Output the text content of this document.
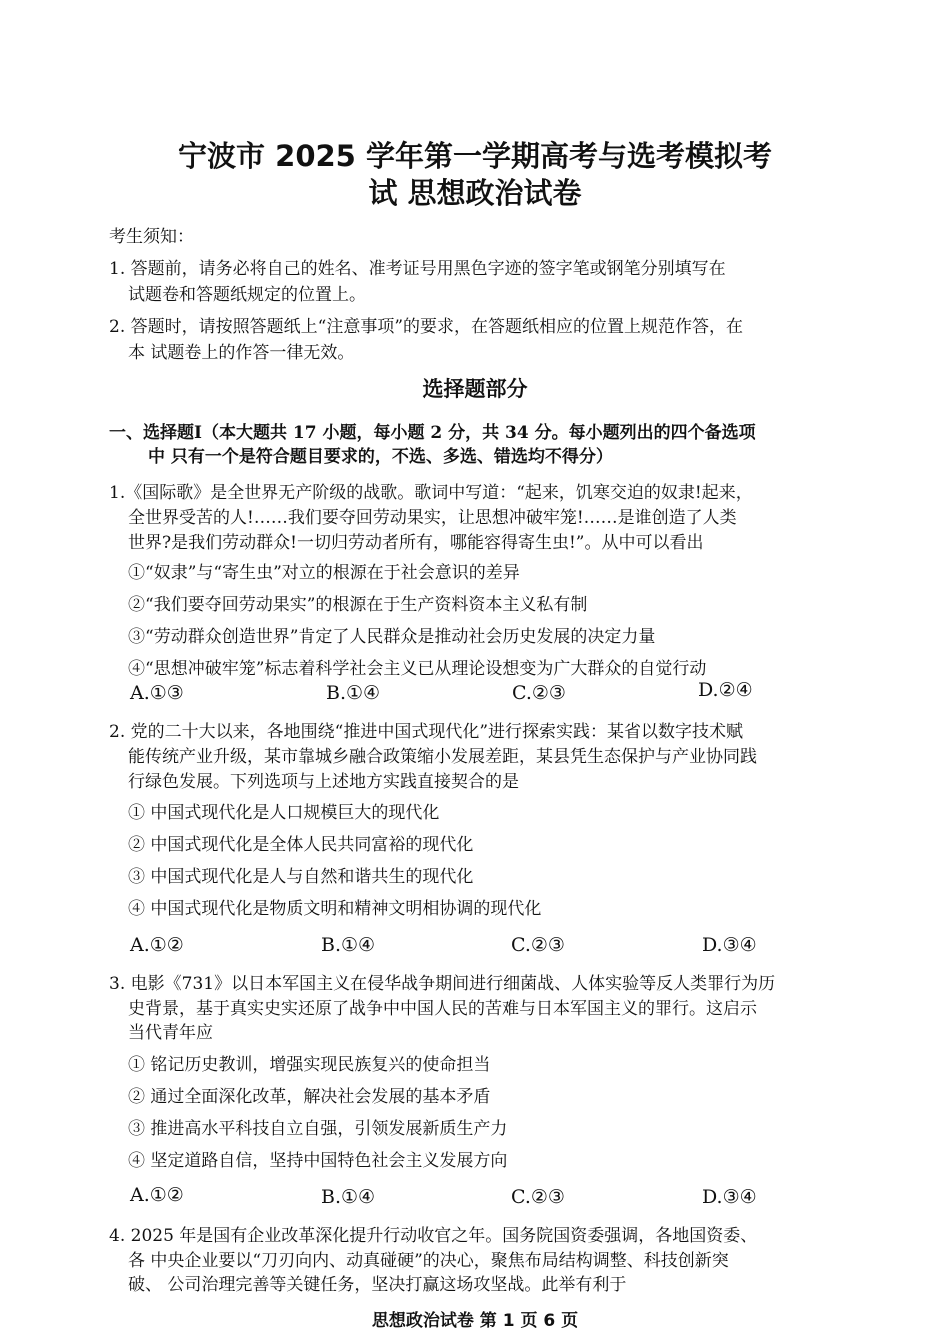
宁波市 2025 学年第一学期高考与选考模拟考
试 思想政治试卷
考生须知：
1. 答题前，请务必将自己的姓名、准考证号用黑色字迹的签字笔或钢笔分别填写在
试题卷和答题纸规定的位置上。
2. 答题时，请按照答题纸上“注意事项”的要求，在答题纸相应的位置上规范作答，在
本 试题卷上的作答一律无效。
选择题部分
一、选择题Ⅰ（本大题共 17 小题，每小题 2 分，共 34 分。每小题列出的四个备选项
中 只有一个是符合题目要求的，不选、多选、错选均不得分）
1.《国际歌》是全世界无产阶级的战歌。歌词中写道：“起来，饥寒交迫的奴隶!起来，
全世界受苦的人!……我们要夺回劳动果实，让思想冲破牢笼!……是谁创造了人类
世界?是我们劳动群众!一切归劳动者所有，哪能容得寄生虫!”。从中可以看出
①“奴隶”与“寄生虫”对立的根源在于社会意识的差异
②“我们要夺回劳动果实”的根源在于生产资料资本主义私有制
③“劳动群众创造世界”肯定了人民群众是推动社会历史发展的决定力量
④“思想冲破牢笼”标志着科学社会主义已从理论设想变为广大群众的自觉行动
A.①③	B.①④	C.②③	D.②④
2. 党的二十大以来，各地围绕“推进中国式现代化”进行探索实践：某省以数字技术赋
能传统产业升级，某市靠城乡融合政策缩小发展差距，某县凭生态保护与产业协同践
行绿色发展。下列选项与上述地方实践直接契合的是
① 中国式现代化是人口规模巨大的现代化
② 中国式现代化是全体人民共同富裕的现代化
③ 中国式现代化是人与自然和谐共生的现代化
④ 中国式现代化是物质文明和精神文明相协调的现代化
A.①②	B.①④	C.②③	D.③④
3. 电影《731》以日本军国主义在侵华战争期间进行细菌战、人体实验等反人类罪行为历
史背景，基于真实史实还原了战争中中国人民的苦难与日本军国主义的罪行。这启示
当代青年应
① 铭记历史教训，增强实现民族复兴的使命担当
② 通过全面深化改革，解决社会发展的基本矛盾
③ 推进高水平科技自立自强，引领发展新质生产力
④ 坚定道路自信，坚持中国特色社会主义发展方向
A.①②	B.①④	C.②③	D.③④
4. 2025 年是国有企业改革深化提升行动收官之年。国务院国资委强调，各地国资委、
各 中央企业要以“刀刃向内、动真碰硬”的决心，聚焦布局结构调整、科技创新突
破、 公司治理完善等关键任务，坚决打赢这场攻坚战。此举有利于
思想政治试卷 第 1 页 6 页
